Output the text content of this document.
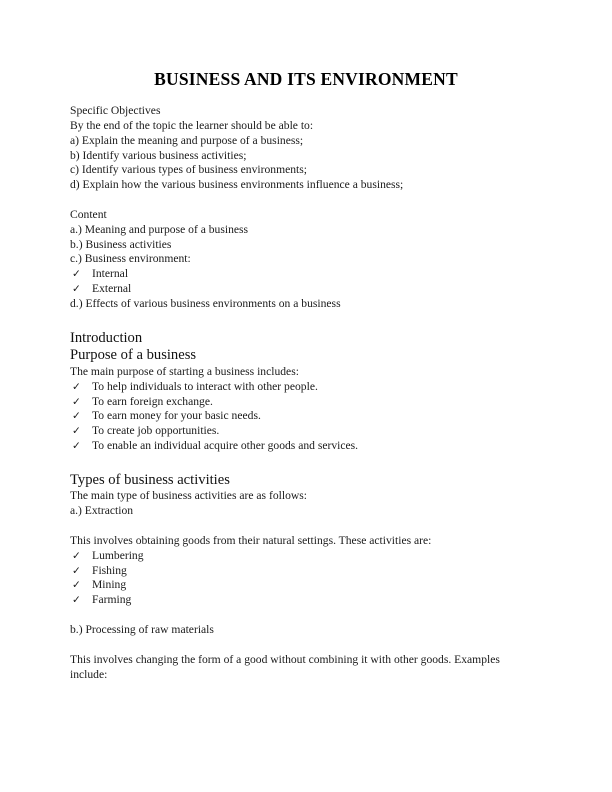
BUSINESS AND ITS ENVIRONMENT
Specific Objectives
By the end of the topic the learner should be able to:
a) Explain the meaning and purpose of a business;
b) Identify various business activities;
c) Identify various types of business environments;
d) Explain how the various business environments influence a business;
Content
a.) Meaning and purpose of a business
b.) Business activities
c.) Business environment:
✓ Internal
✓ External
d.) Effects of various business environments on a business
Introduction
Purpose of a business
The main purpose of starting a business includes:
✓ To help individuals to interact with other people.
✓ To earn foreign exchange.
✓ To earn money for your basic needs.
✓ To create job opportunities.
✓ To enable an individual acquire other goods and services.
Types of business activities
The main type of business activities are as follows:
a.) Extraction
This involves obtaining goods from their natural settings. These activities are:
✓ Lumbering
✓ Fishing
✓ Mining
✓ Farming
b.) Processing of raw materials
This involves changing the form of a good without combining it with other goods. Examples include:
